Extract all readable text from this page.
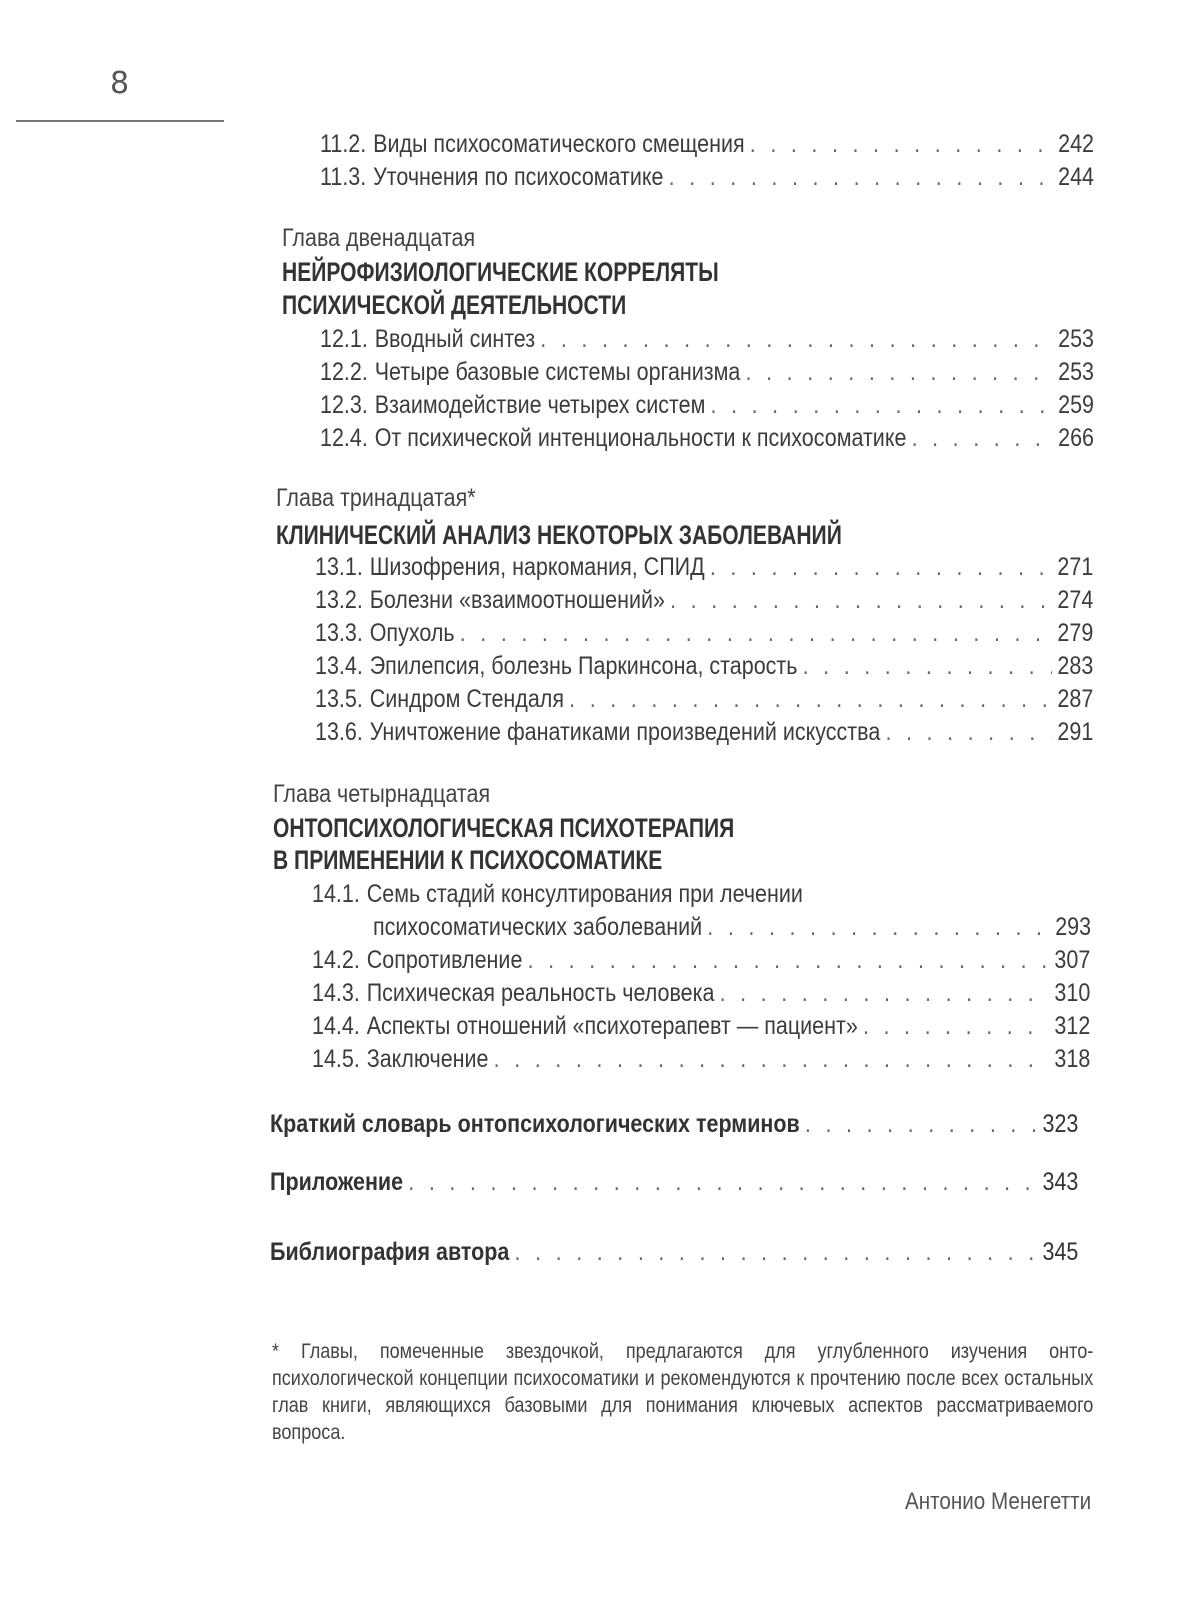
8
11.2. Виды психосоматического смещения . . .	242
11.3. Уточнения по психосоматике . . .	244
Глава двенадцатая
НЕЙРОФИЗИОЛОГИЧЕСКИЕ КОРРЕЛЯТЫ
ПСИХИЧЕСКОЙ ДЕЯТЕЛЬНОСТИ
12.1. Вводный синтез . . .	253
12.2. Четыре базовые системы организма . . .	253
12.3. Взаимодействие четырех систем . . .	259
12.4. От психической интенциональности к психосоматике . . .	266
Глава тринадцатая*
КЛИНИЧЕСКИЙ АНАЛИЗ НЕКОТОРЫХ ЗАБОЛЕВАНИЙ
13.1. Шизофрения, наркомания, СПИД . . .	271
13.2. Болезни «взаимоотношений» . . .	274
13.3. Опухоль . . .	279
13.4. Эпилепсия, болезнь Паркинсона, старость . . .	283
13.5. Синдром Стендаля . . .	287
13.6. Уничтожение фанатиками произведений искусства . . .	291
Глава четырнадцатая
ОНТОПСИХОЛОГИЧЕСКАЯ ПСИХОТЕРАПИЯ
В ПРИМЕНЕНИИ К ПСИХОСОМАТИКЕ
14.1. Семь стадий консултирования при лечении
психосоматических заболеваний . . .	293
14.2. Сопротивление . . .	307
14.3. Психическая реальность человека . . .	310
14.4. Аспекты отношений «психотерапевт — пациент» . . .	312
14.5. Заключение . . .	318
Краткий словарь онтопсихологических терминов . . .	323
Приложение . . .	343
Библиография автора . . .	345
* Главы, помеченные звездочкой, предлагаются для углубленного изучения онто-психологической концепции психосоматики и рекомендуются к прочтению после всех остальных глав книги, являющихся базовыми для понимания ключевых аспектов рассматриваемого вопроса.
Антонио Менегетти
